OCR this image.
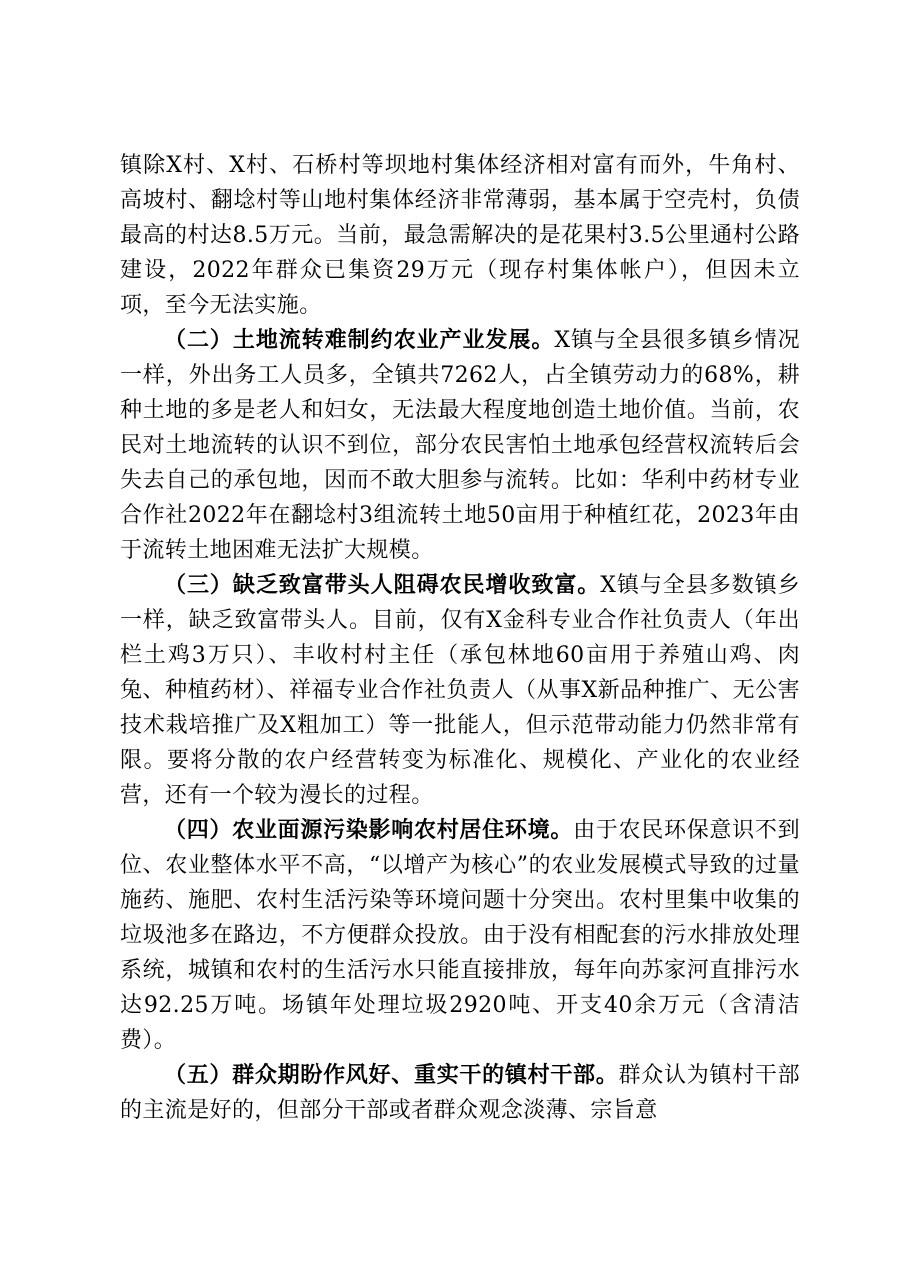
镇除X村、X村、石桥村等坝地村集体经济相对富有而外，牛角村、高坡村、翻埝村等山地村集体经济非常薄弱，基本属于空壳村，负债最高的村达8.5万元。当前，最急需解决的是花果村3.5公里通村公路建设，2022年群众已集资29万元（现存村集体帐户），但因未立项，至今无法实施。

（二）土地流转难制约农业产业发展。X镇与全县很多镇乡情况一样，外出务工人员多，全镇共7262人，占全镇劳动力的68%，耕种土地的多是老人和妇女，无法最大程度地创造土地价值。当前，农民对土地流转的认识不到位，部分农民害怕土地承包经营权流转后会失去自己的承包地，因而不敢大胆参与流转。比如：华利中药材专业合作社2022年在翻埝村3组流转土地50亩用于种植红花，2023年由于流转土地困难无法扩大规模。

（三）缺乏致富带头人阻碍农民增收致富。X镇与全县多数镇乡一样，缺乏致富带头人。目前，仅有X金科专业合作社负责人（年出栏土鸡3万只）、丰收村村主任（承包林地60亩用于养殖山鸡、肉兔、种植药材）、祥福专业合作社负责人（从事X新品种推广、无公害技术栽培推广及X粗加工）等一批能人，但示范带动能力仍然非常有限。要将分散的农户经营转变为标准化、规模化、产业化的农业经营，还有一个较为漫长的过程。

（四）农业面源污染影响农村居住环境。由于农民环保意识不到位、农业整体水平不高，“以增产为核心”的农业发展模式导致的过量施药、施肥、农村生活污染等环境问题十分突出。农村里集中收集的垃圾池多在路边，不方便群众投放。由于没有相配套的污水排放处理系统，城镇和农村的生活污水只能直接排放，每年向苏家河直排污水达92.25万吨。场镇年处理垃圾2920吨、开支40余万元（含清洁费）。

（五）群众期盼作风好、重实干的镇村干部。群众认为镇村干部的主流是好的，但部分干部或者群众观念淡薄、宗旨意
